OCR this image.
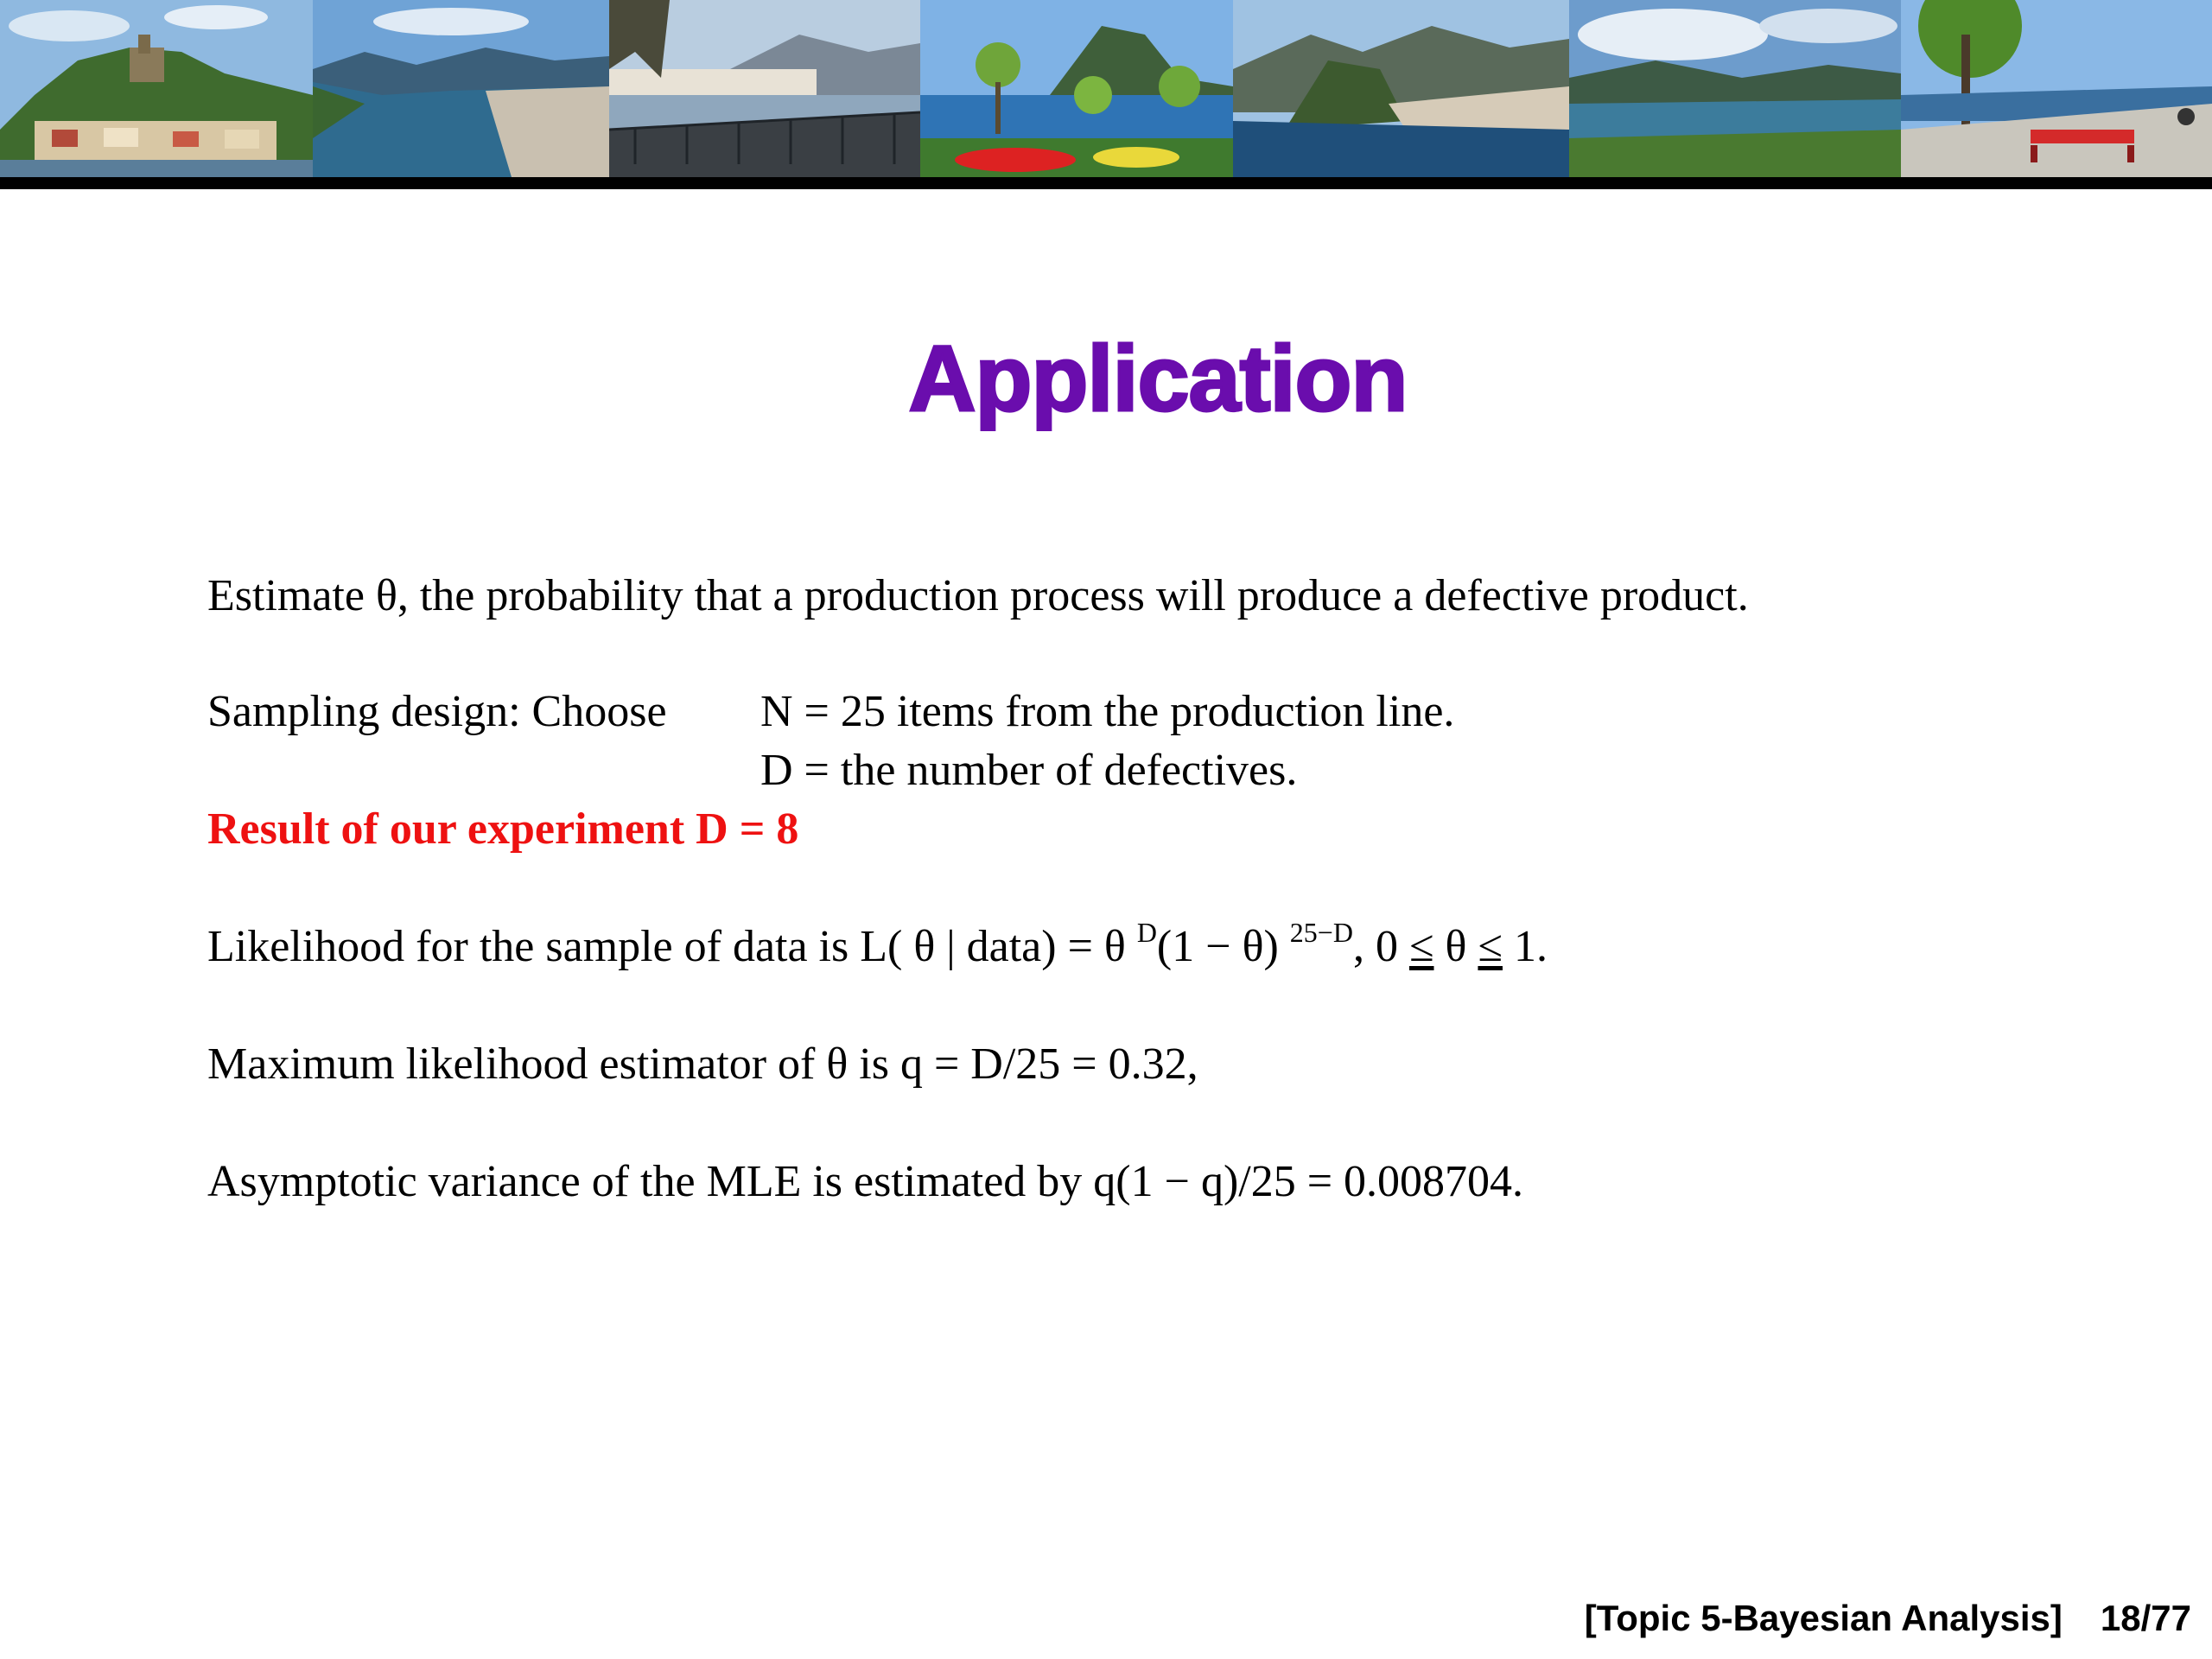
Application
Estimate θ, the probability that a production process will produce a defective product.
Sampling design: Choose N = 25 items from the production line.
D = the number of defectives.
Result of our experiment D = 8
Likelihood for the sample of data is L( θ | data) = θ $^D$(1 − θ) $^{25-D}$, 0 ≤ θ ≤ 1.
Maximum likelihood estimator of θ is q = D/25 = 0.32,
Asymptotic variance of the MLE is estimated by q(1 − q)/25 = 0.008704.
[Topic 5-Bayesian Analysis] 18/77
